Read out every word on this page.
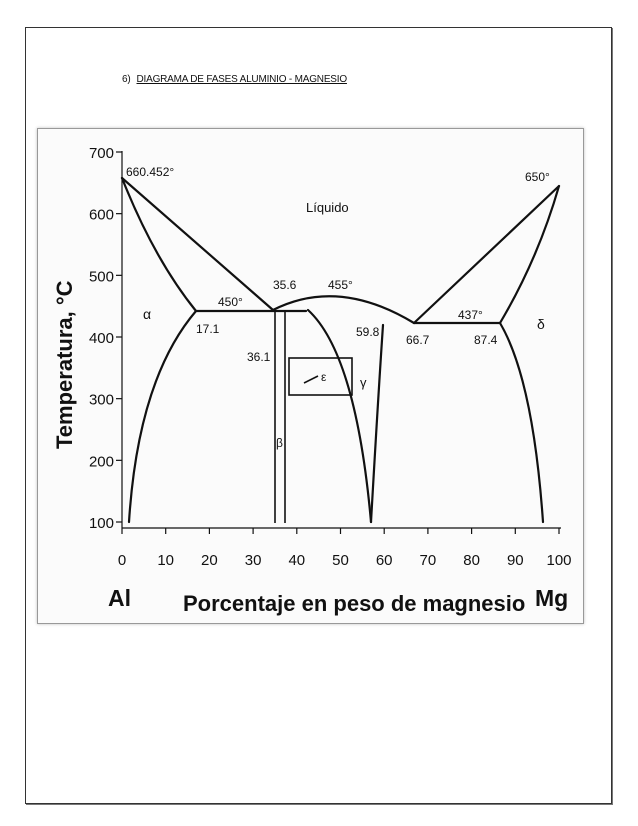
6) DIAGRAMA DE FASES ALUMINIO - MAGNESIO
100
200
300
400
500
600
700
0 10 20 30 40 50 60 70 80 90 100
660.452°	650°
450°
35.6	455°
437°
17.1
36.1
59.8
66.7	87.4
Líquido
α
β
ε	γ
δ
Temperatura, °C
Porcentaje en peso de magnesio
Al	Mg
